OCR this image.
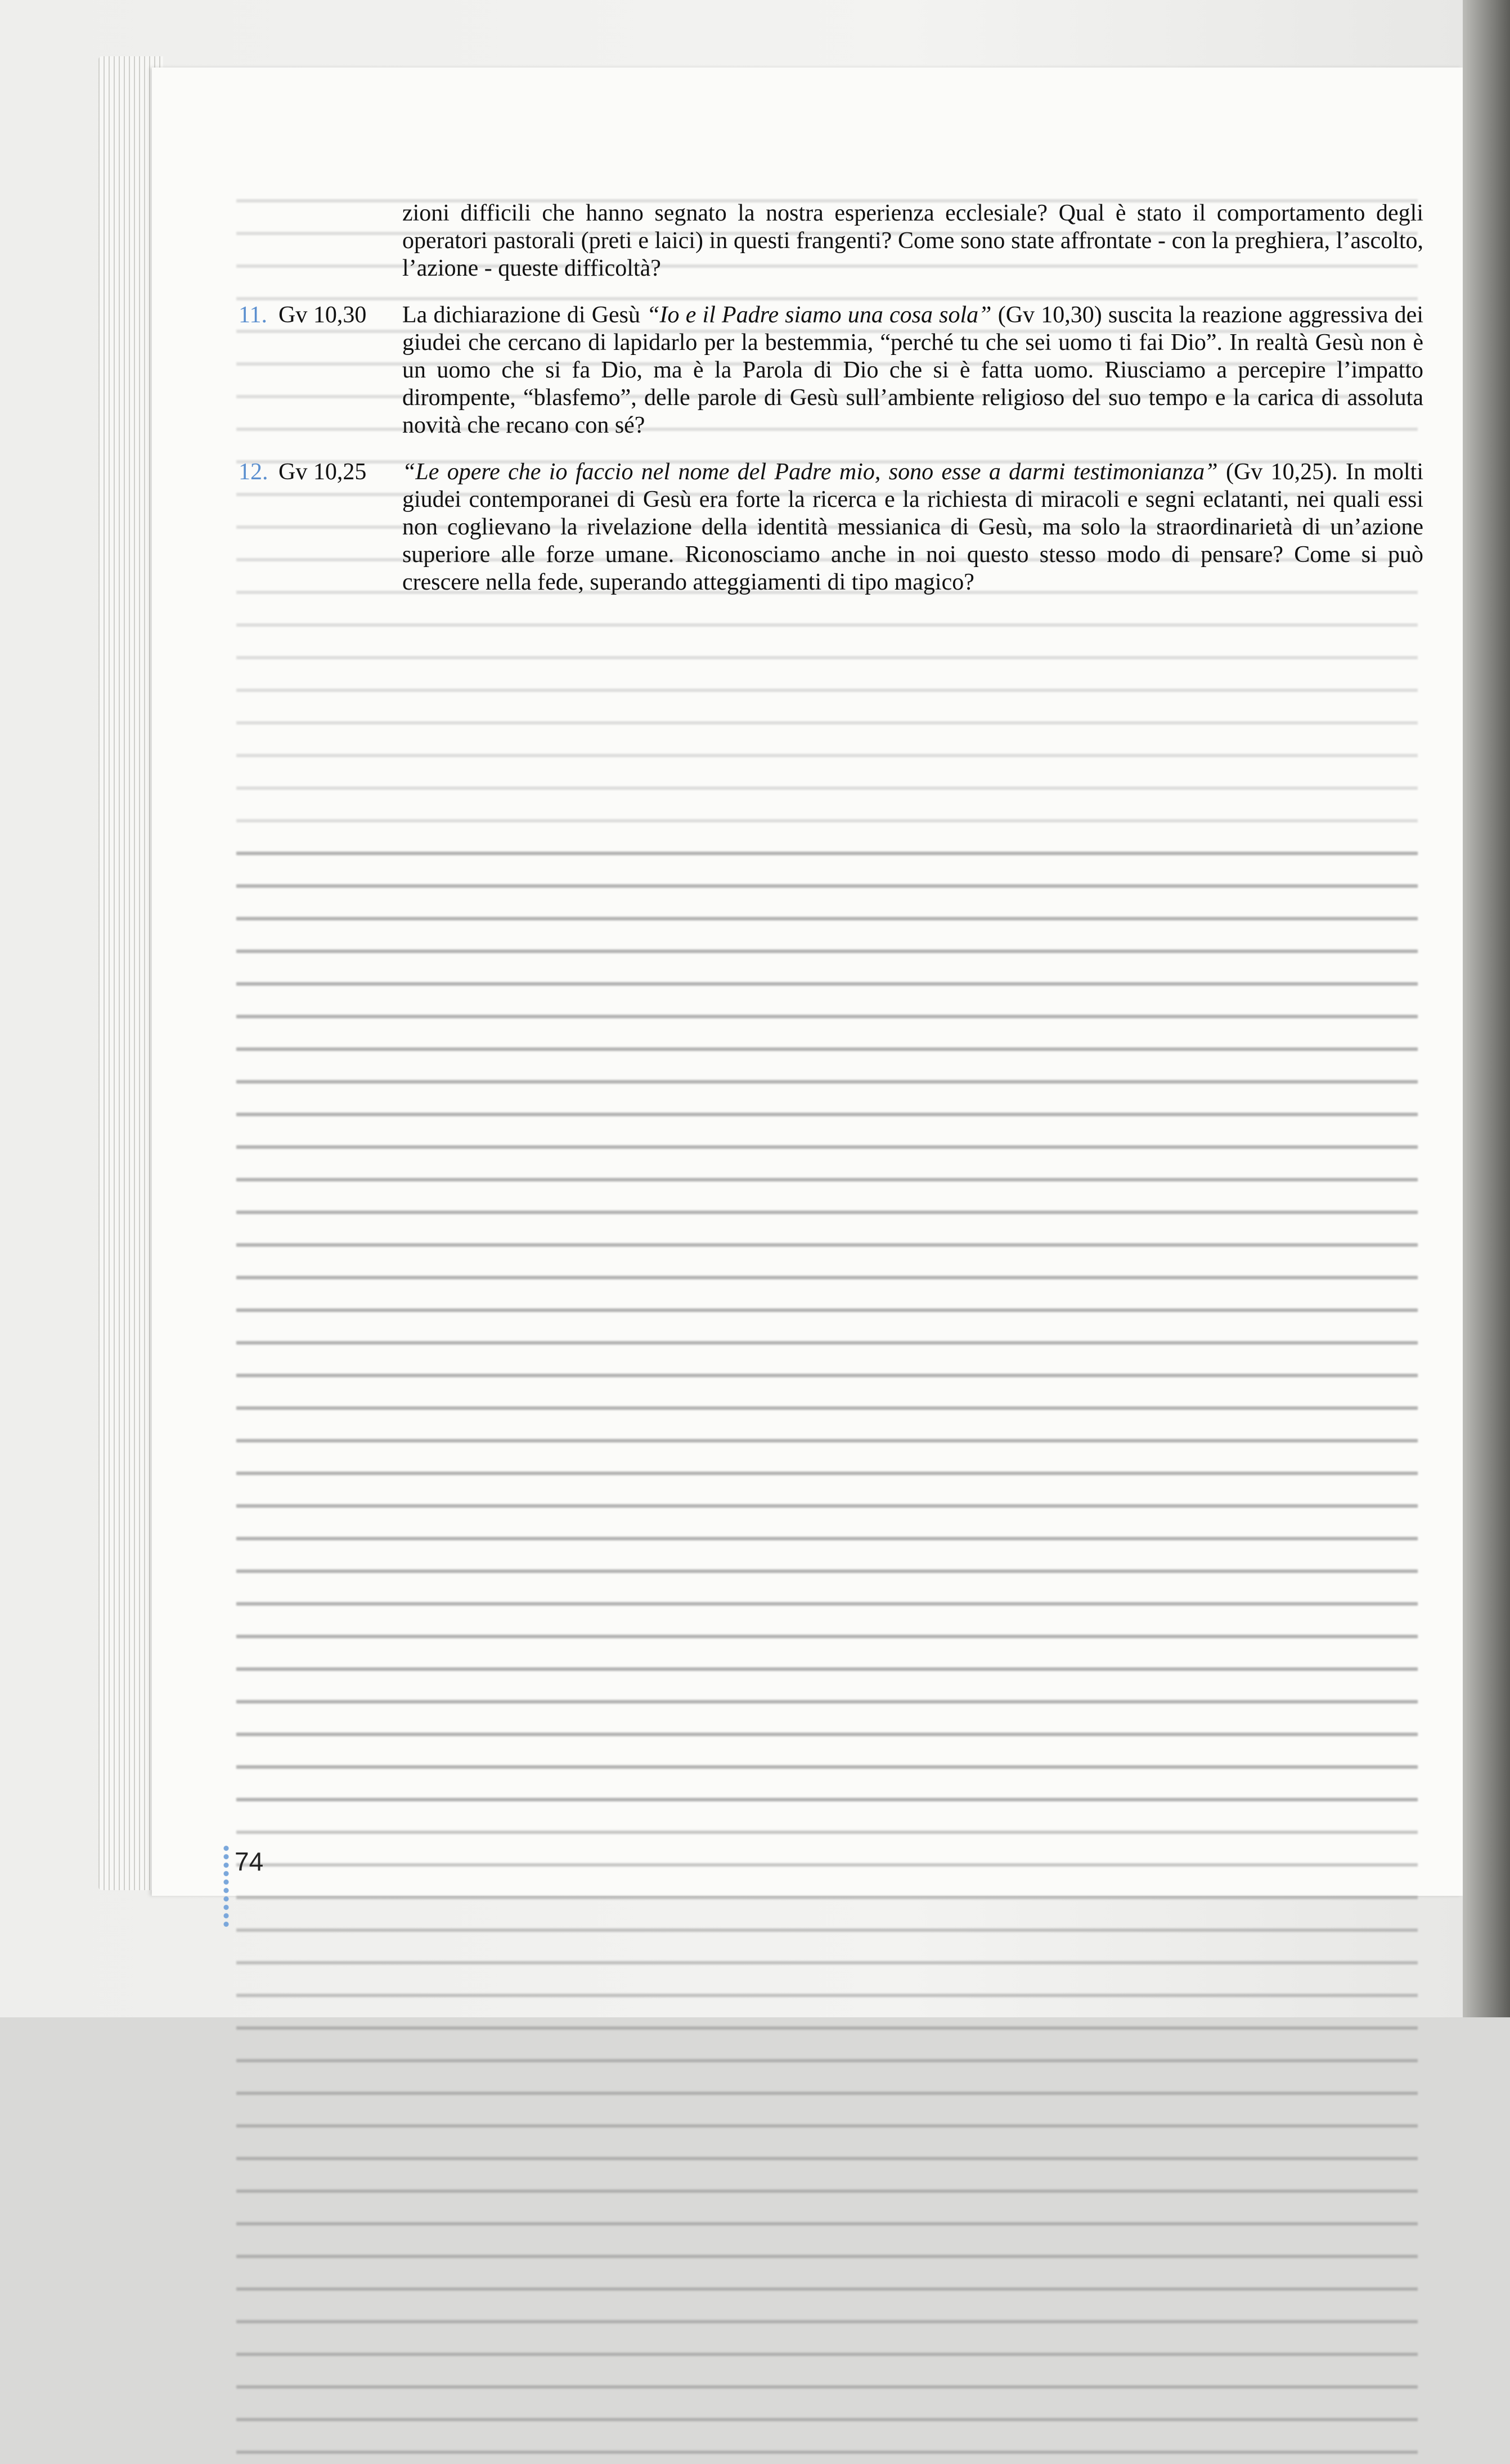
zioni difficili che hanno segnato la nostra esperienza ecclesiale? Qual è stato il comportamento degli operatori pastorali (preti e laici) in questi frangenti? Come sono state affrontate - con la preghiera, l’ascolto, l’azione - queste difficoltà?

11. Gv 10,30 La dichiarazione di Gesù “Io e il Padre siamo una cosa sola” (Gv 10,30) suscita la reazione aggressiva dei giudei che cercano di lapidarlo per la bestemmia, “perché tu che sei uomo ti fai Dio”. In realtà Gesù non è un uomo che si fa Dio, ma è la Parola di Dio che si è fatta uomo. Riusciamo a percepire l’impatto dirompente, “blasfemo”, delle parole di Gesù sull’ambiente religioso del suo tempo e la carica di assoluta novità che recano con sé?

12. Gv 10,25 “Le opere che io faccio nel nome del Padre mio, sono esse a darmi testimonianza” (Gv 10,25). In molti giudei contemporanei di Gesù era forte la ricerca e la richiesta di miracoli e segni eclatanti, nei quali essi non coglievano la rivelazione della identità messianica di Gesù, ma solo la straordinarietà di un’azione superiore alle forze umane. Riconosciamo anche in noi questo stesso modo di pensare? Come si può crescere nella fede, superando atteggiamenti di tipo magico?

74
